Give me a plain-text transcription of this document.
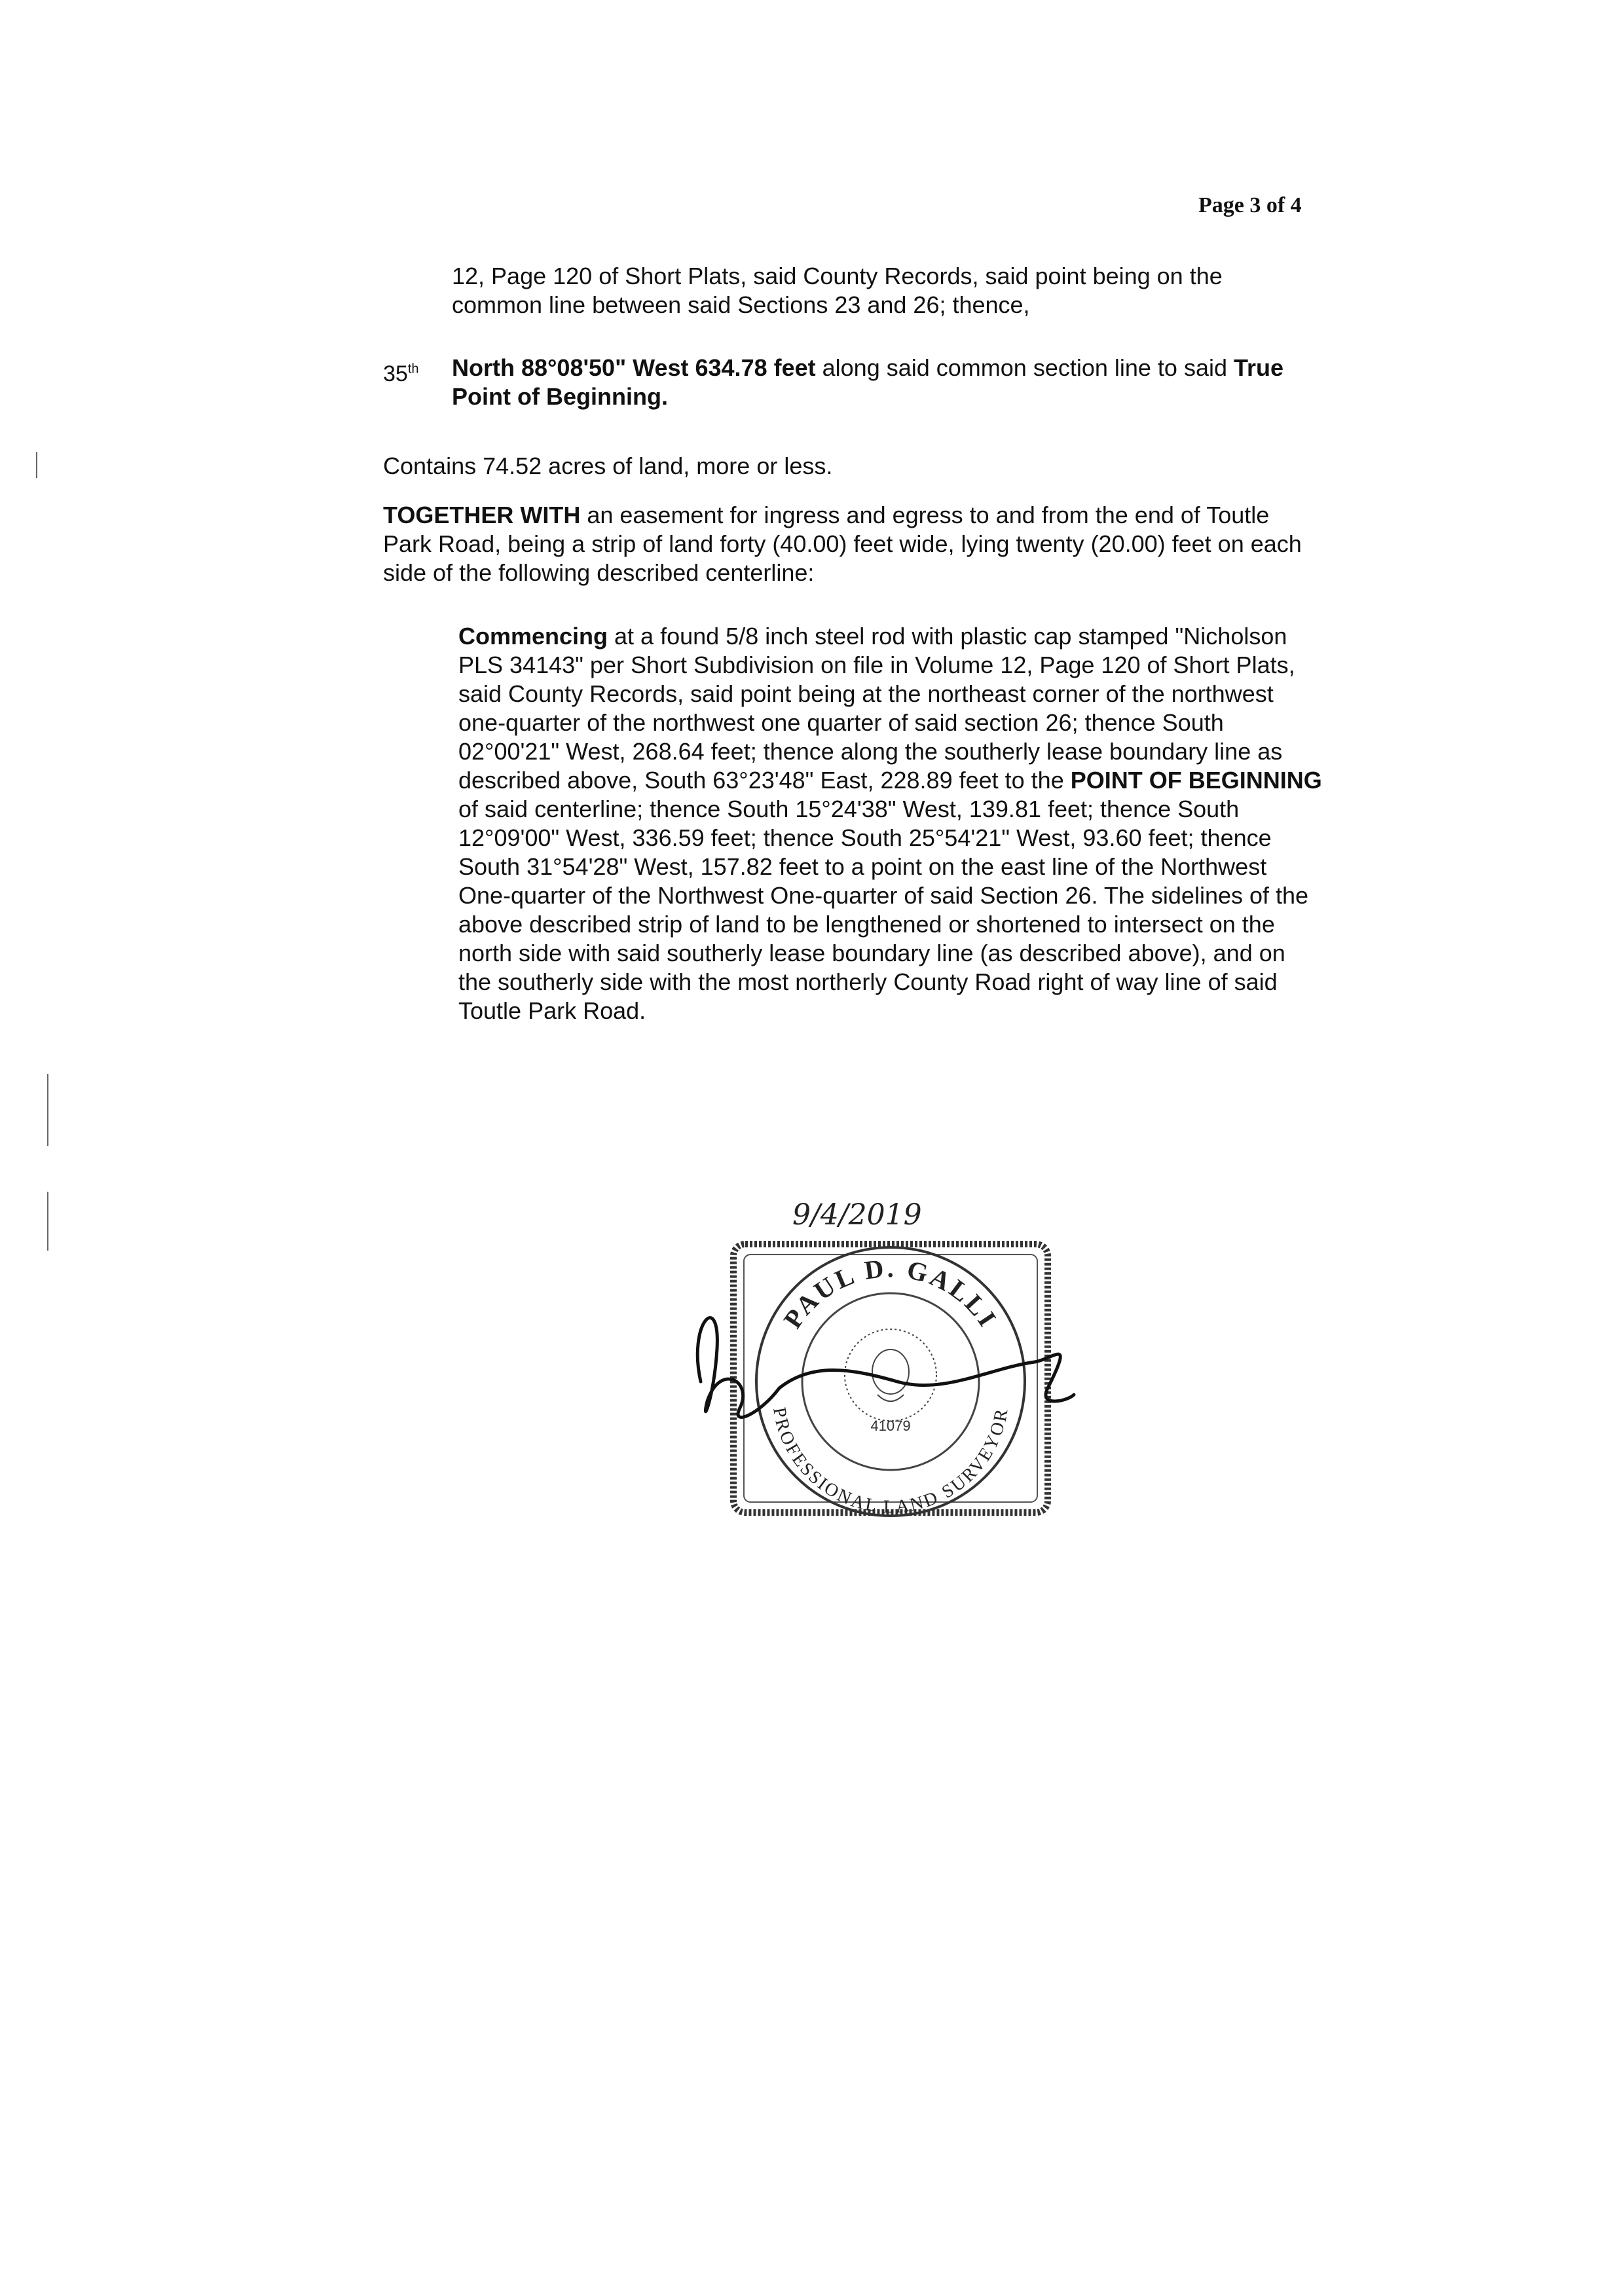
Page 3 of 4
12, Page 120 of Short Plats, said County Records, said point being on the common line between said Sections 23 and 26; thence,
35th North 88°08'50" West 634.78 feet along said common section line to said True Point of Beginning.
Contains 74.52 acres of land, more or less.
TOGETHER WITH an easement for ingress and egress to and from the end of Toutle Park Road, being a strip of land forty (40.00) feet wide, lying twenty (20.00) feet on each side of the following described centerline:
Commencing at a found 5/8 inch steel rod with plastic cap stamped "Nicholson PLS 34143" per Short Subdivision on file in Volume 12, Page 120 of Short Plats, said County Records, said point being at the northeast corner of the northwest one-quarter of the northwest one quarter of said section 26; thence South 02°00'21" West, 268.64 feet; thence along the southerly lease boundary line as described above, South 63°23'48" East, 228.89 feet to the POINT OF BEGINNING of said centerline; thence South 15°24'38" West, 139.81 feet; thence South 12°09'00" West, 336.59 feet; thence South 25°54'21" West, 93.60 feet; thence South 31°54'28" West, 157.82 feet to a point on the east line of the Northwest One-quarter of the Northwest One-quarter of said Section 26. The sidelines of the above described strip of land to be lengthened or shortened to intersect on the north side with said southerly lease boundary line (as described above), and on the southerly side with the most northerly County Road right of way line of said Toutle Park Road.
9/4/2019
41079
PAUL D. GALLI
PROFESSIONAL LAND SURVEYOR
